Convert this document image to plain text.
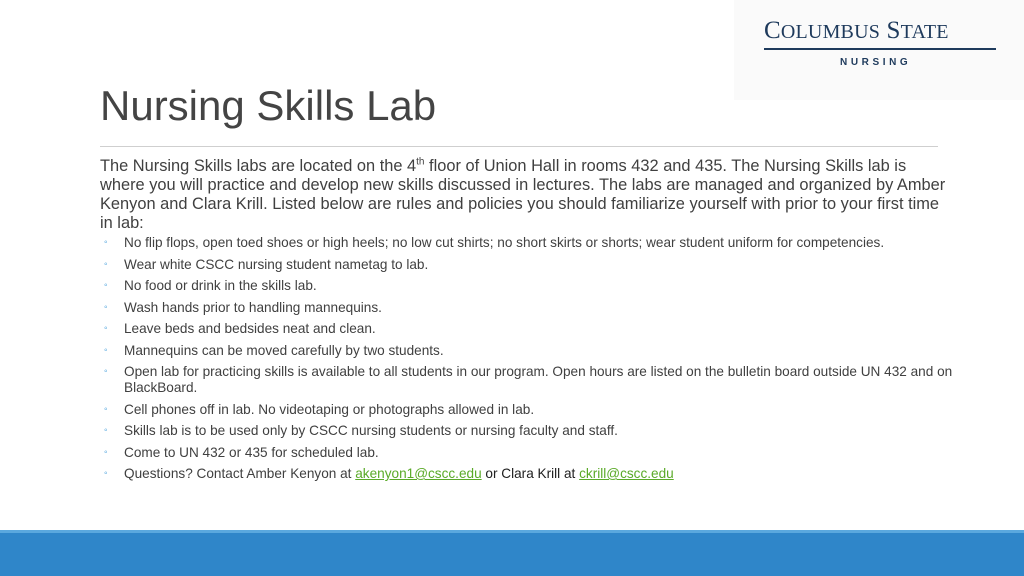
COLUMBUS STATE
NURSING
Nursing Skills Lab

The Nursing Skills labs are located on the 4th floor of Union Hall in rooms 432 and 435. The Nursing Skills lab is where you will practice and develop new skills discussed in lectures. The labs are managed and organized by Amber Kenyon and Clara Krill. Listed below are rules and policies you should familiarize yourself with prior to your first time in lab:

◦ No flip flops, open toed shoes or high heels; no low cut shirts; no short skirts or shorts; wear student uniform for competencies.
◦ Wear white CSCC nursing student nametag to lab.
◦ No food or drink in the skills lab.
◦ Wash hands prior to handling mannequins.
◦ Leave beds and bedsides neat and clean.
◦ Mannequins can be moved carefully by two students.
◦ Open lab for practicing skills is available to all students in our program. Open hours are listed on the bulletin board outside UN 432 and on BlackBoard.
◦ Cell phones off in lab. No videotaping or photographs allowed in lab.
◦ Skills lab is to be used only by CSCC nursing students or nursing faculty and staff.
◦ Come to UN 432 or 435 for scheduled lab.
◦ Questions? Contact Amber Kenyon at akenyon1@cscc.edu or Clara Krill at ckrill@cscc.edu
